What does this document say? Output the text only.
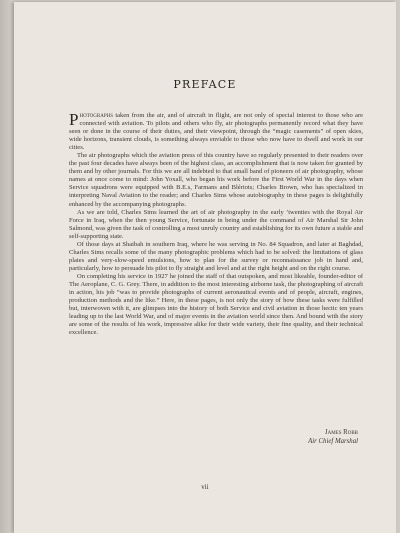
PREFACE

Photographs taken from the air, and of aircraft in flight, are not only of special interest to those who are connected with aviation. To pilots and others who fly, air photographs permanently record what they have seen or done in the course of their duties, and their viewpoint, through the “magic casements” of open skies, wide horizons, transient clouds, is something always enviable to those who now have to dwell and work in our cities.

The air photographs which the aviation press of this country have so regularly presented to their readers over the past four decades have always been of the highest class, an accomplishment that is now taken for granted by them and by other journals. For this we are all indebted to that small band of pioneers of air photography, whose names at once come to mind: John Yoxall, who began his work before the First World War in the days when Service squadrons were equipped with B.E.s, Farmans and Blériots; Charles Brown, who has specialized in interpreting Naval Aviation to the reader; and Charles Sims whose autobiography in these pages is delightfully enhanced by the accompanying photographs.

As we are told, Charles Sims learned the art of air photography in the early ’twenties with the Royal Air Force in Iraq, when the then young Service, fortunate in being under the command of Air Marshal Sir John Salmond, was given the task of controlling a most unruly country and establishing for its own future a stable and self-supporting state.

Of those days at Shaibah in southern Iraq, where he was serving in No. 84 Squadron, and later at Baghdad, Charles Sims recalls some of the many photographic problems which had to be solved: the limitations of glass plates and very-slow-speed emulsions, how to plan for the survey or reconnaissance job in hand and, particularly, how to persuade his pilot to fly straight and level and at the right height and on the right course.

On completing his service in 1927 he joined the staff of that outspoken, and most likeable, founder-editor of The Aeroplane, C. G. Grey. There, in addition to the most interesting airborne task, the photographing of aircraft in action, his job “was to provide photographs of current aeronautical events and of people, aircraft, engines, production methods and the like.” Here, in these pages, is not only the story of how these tasks were fulfilled but, interwoven with it, are glimpses into the history of both Service and civil aviation in those hectic ten years leading up to the last World War, and of major events in the aviation world since then. And bound with the story are some of the results of his work, impressive alike for their wide variety, their fine quality, and their technical excellence.

James Robb
Air Chief Marshal
vii
